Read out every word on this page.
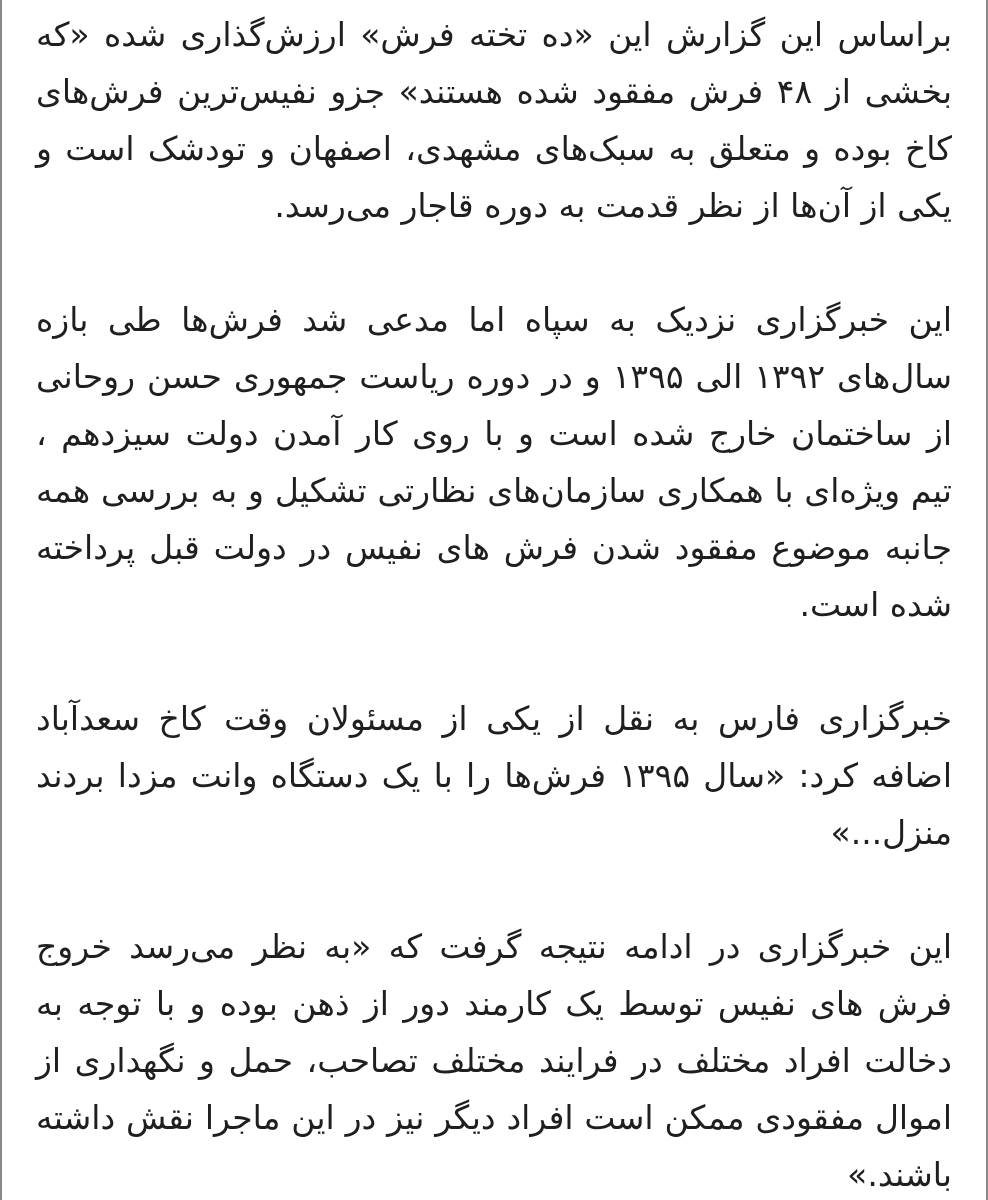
براساس این گزارش این «ده تخته فرش» ارزش‌گذاری شده «که بخشی از ۴۸ فرش مفقود شده هستند» جزو نفیس‌ترین فرش‌های کاخ بوده و متعلق به سبک‌های مشهدی، اصفهان و تودشک است و یکی از آن‌ها از نظر قدمت به دوره قاجار می‌رسد.

این خبرگزاری نزدیک به سپاه اما مدعی شد فرش‌ها طی بازه سال‌های ۱۳۹۲ الی ۱۳۹۵ و در دوره ریاست جمهوری حسن روحانی از ساختمان خارج شده است و با روی کار آمدن دولت سیزدهم ، تیم ویژه‌ای با همکاری سازمان‌های نظارتی تشکیل و به بررسی همه جانبه موضوع مفقود شدن فرش های نفیس در دولت قبل پرداخته شده است.

خبرگزاری فارس به نقل از یکی از مسئولان وقت کاخ سعدآباد اضافه کرد: «سال ۱۳۹۵ فرش‌ها را با یک دستگاه وانت مزدا بردند منزل...»

این خبرگزاری در ادامه نتیجه گرفت که «به نظر می‌رسد خروج فرش های نفیس توسط یک کارمند دور از ذهن بوده و با توجه به دخالت افراد مختلف در فرایند مختلف تصاحب، حمل و نگهداری از اموال مفقودی ممکن است افراد دیگر نیز در این ماجرا نقش داشته باشند.»
